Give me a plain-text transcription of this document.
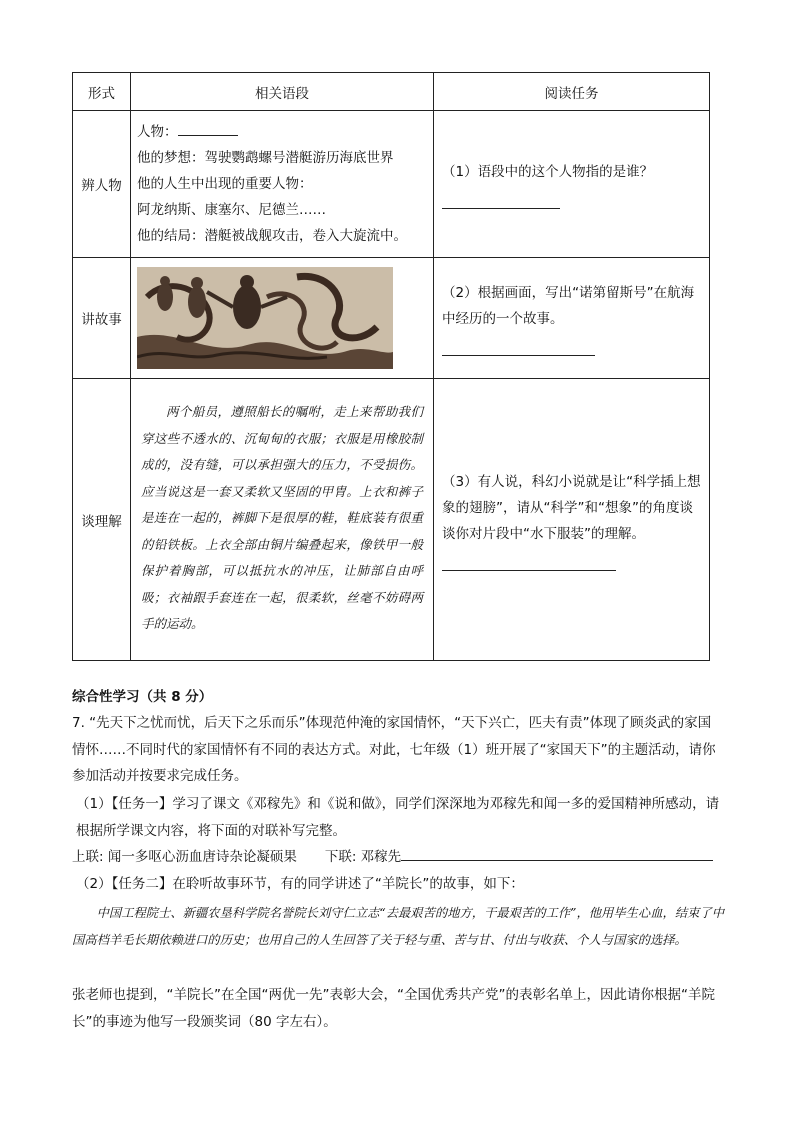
形式	相关语段	阅读任务
辨人物	人物：
他的梦想：驾驶鹦鹉螺号潜艇游历海底世界
他的人生中出现的重要人物：
阿龙纳斯、康塞尔、尼德兰……
他的结局：潜艇被战舰攻击，卷入大旋流中。	（1）语段中的这个人物指的是谁？

讲故事		（2）根据画面，写出“诺第留斯号”在航海中经历的一个故事。

谈理解	两个船员，遵照船长的嘱咐，走上来帮助我们穿这些不透水的、沉甸甸的衣服；衣服是用橡胶制成的，没有缝，可以承担强大的压力，不受损伤。应当说这是一套又柔软又坚固的甲胄。上衣和裤子是连在一起的，裤脚下是很厚的鞋，鞋底装有很重的铅铁板。上衣全部由铜片编叠起来，像铁甲一般保护着胸部，可以抵抗水的冲压，让肺部自由呼吸；衣袖跟手套连在一起，很柔软，丝毫不妨碍两手的运动。	（3）有人说，科幻小说就是让“科学插上想象的翅膀”，请从“科学”和“想象”的角度谈谈你对片段中“水下服装”的理解。
综合性学习（共 8 分）
7. “先天下之忧而忧，后天下之乐而乐”体现范仲淹的家国情怀，“天下兴亡，匹夫有责”体现了顾炎武的家国情怀……不同时代的家国情怀有不同的表达方式。对此，七年级（1）班开展了“家国天下”的主题活动，请你参加活动并按要求完成任务。
（1）【任务一】学习了课文《邓稼先》和《说和做》，同学们深深地为邓稼先和闻一多的爱国精神所感动，请根据所学课文内容，将下面的对联补写完整。
上联: 闻一多呕心沥血唐诗杂论凝硕果 下联: 邓稼先
（2）【任务二】在聆听故事环节，有的同学讲述了“羊院长”的故事，如下：
中国工程院士、新疆农垦科学院名誉院长刘守仁立志“去最艰苦的地方，干最艰苦的工作”，他用毕生心血，结束了中国高档羊毛长期依赖进口的历史；也用自己的人生回答了关于轻与重、苦与甘、付出与收获、个人与国家的选择。
张老师也提到，“羊院长”在全国“两优一先”表彰大会，“全国优秀共产党”的表彰名单上，因此请你根据“羊院长”的事迹为他写一段颁奖词（80 字左右）。
